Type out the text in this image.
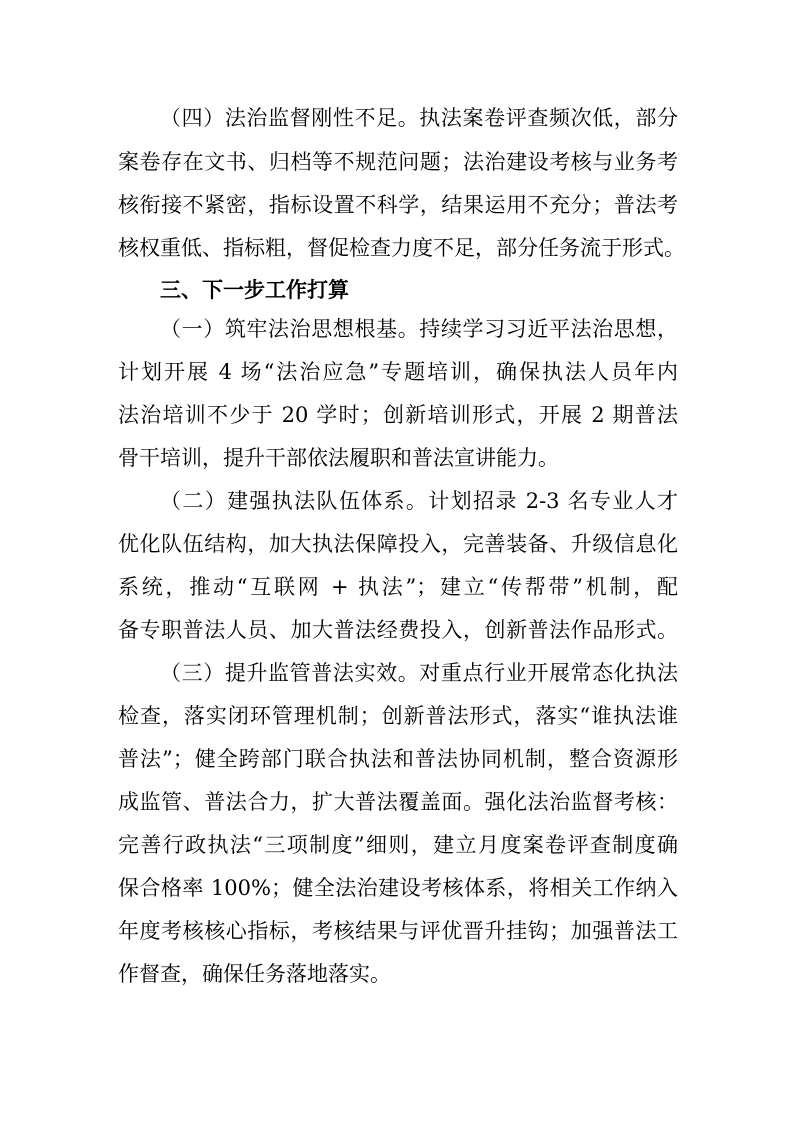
（四）法治监督刚性不足。执法案卷评查频次低，部分
案卷存在文书、归档等不规范问题；法治建设考核与业务考
核衔接不紧密，指标设置不科学，结果运用不充分；普法考
核权重低、指标粗，督促检查力度不足，部分任务流于形式。
三、下一步工作打算
（一）筑牢法治思想根基。持续学习习近平法治思想，
计划开展 4 场“法治应急”专题培训，确保执法人员年内
法治培训不少于 20 学时；创新培训形式，开展 2 期普法
骨干培训，提升干部依法履职和普法宣讲能力。
（二）建强执法队伍体系。计划招录 2-3 名专业人才
优化队伍结构，加大执法保障投入，完善装备、升级信息化
系统，推动“互联网 + 执法”；建立“传帮带”机制，配
备专职普法人员、加大普法经费投入，创新普法作品形式。
（三）提升监管普法实效。对重点行业开展常态化执法
检查，落实闭环管理机制；创新普法形式，落实“谁执法谁
普法”；健全跨部门联合执法和普法协同机制，整合资源形
成监管、普法合力，扩大普法覆盖面。强化法治监督考核：
完善行政执法“三项制度”细则，建立月度案卷评查制度确
保合格率 100%；健全法治建设考核体系，将相关工作纳入
年度考核核心指标，考核结果与评优晋升挂钩；加强普法工
作督查，确保任务落地落实。
